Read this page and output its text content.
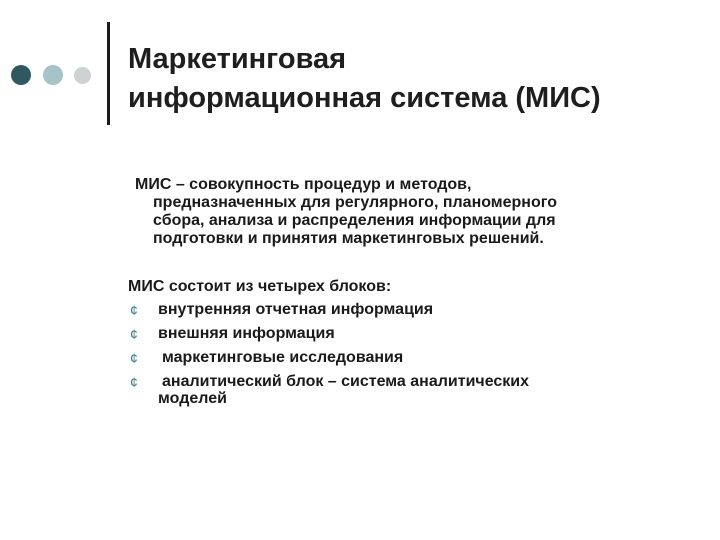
Маркетинговая
информационная система (МИС)

МИС – совокупность процедур и методов,
предназначенных для регулярного, планомерного
сбора, анализа и распределения информации для
подготовки и принятия маркетинговых решений.

МИС состоит из четырех блоков:
¢ внутренняя отчетная информация
¢ внешняя информация
¢ маркетинговые исследования
¢ аналитический блок – система аналитических
моделей
